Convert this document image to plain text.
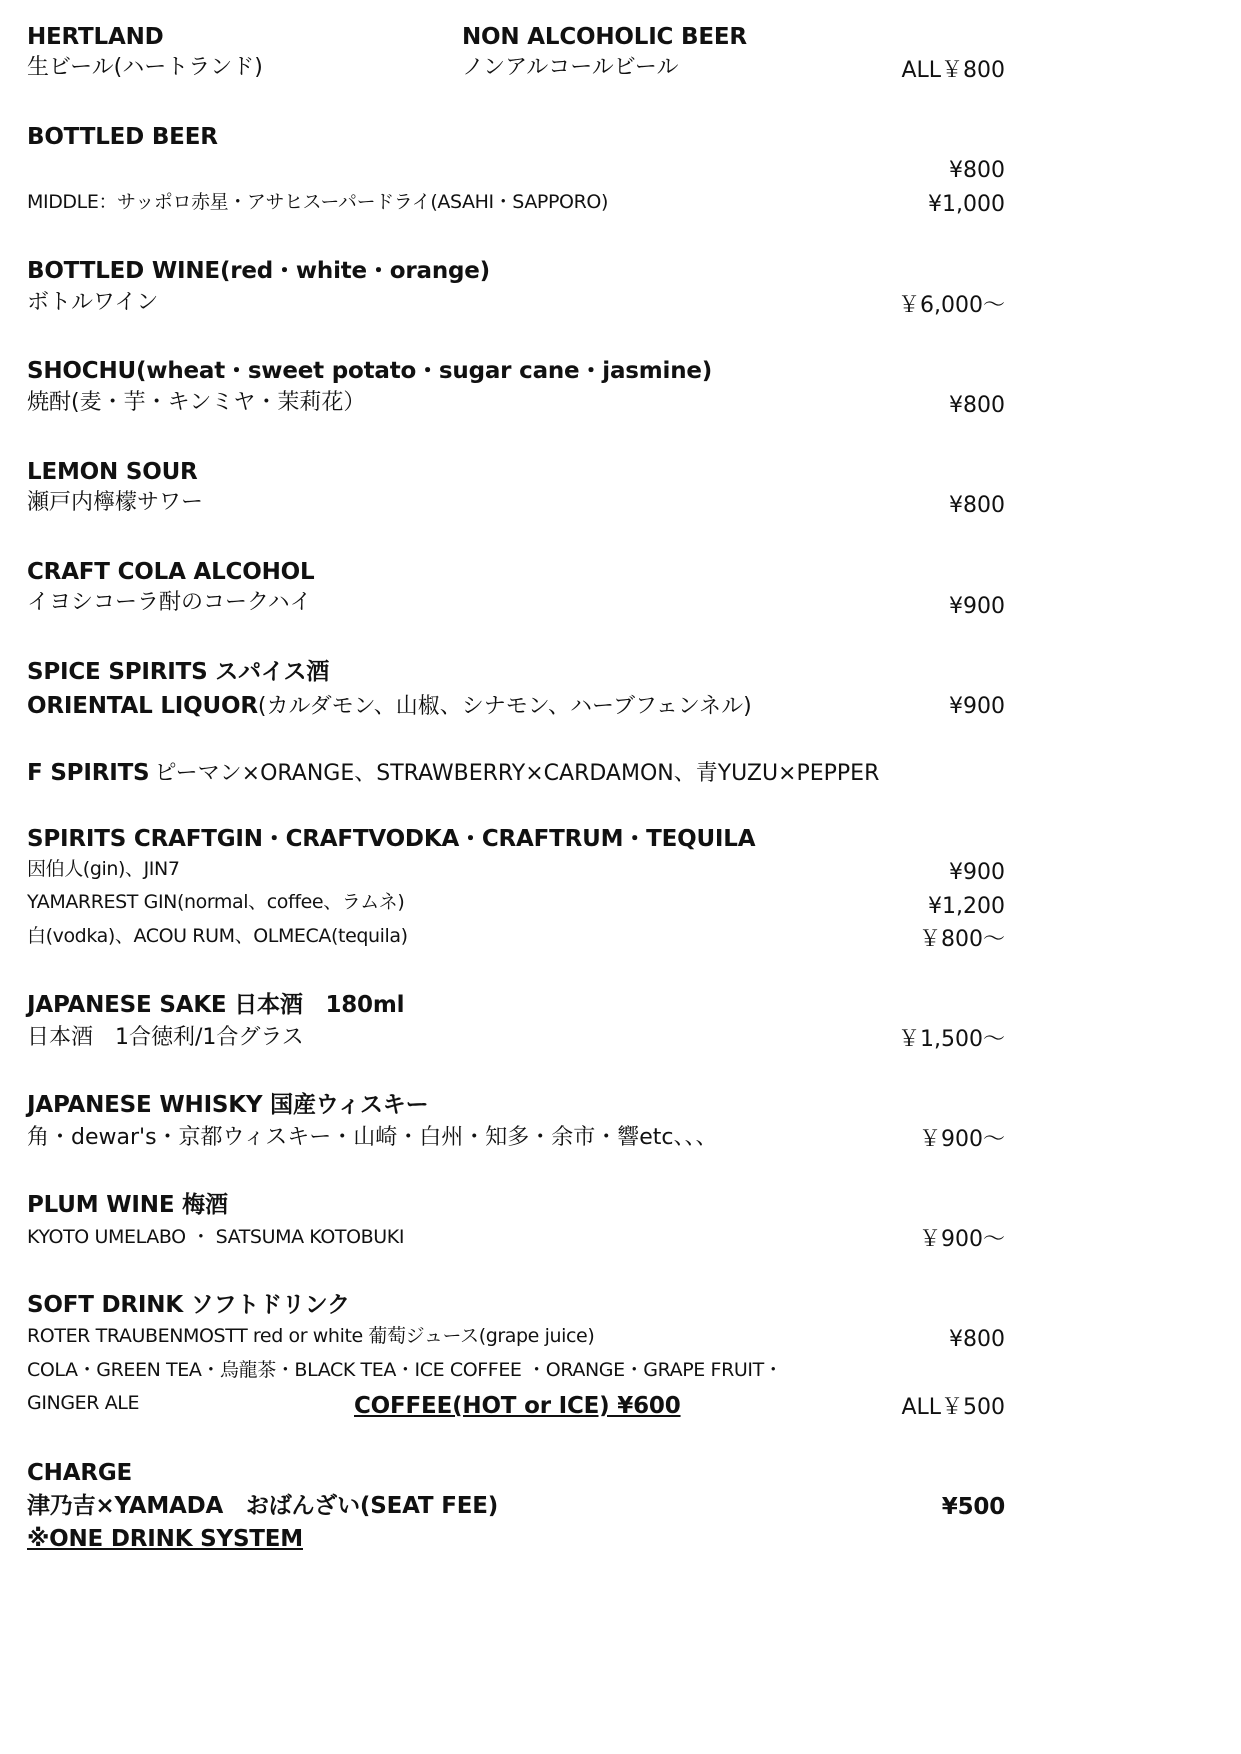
HERTLAND
生ビール(ハートランド)
NON ALCOHOLIC BEER
ノンアルコールビール	ALL￥800
BOTTLED BEER
¥800
MIDDLE：サッポロ赤星・アサヒスーパードライ(ASAHI・SAPPORO)	¥1,000
BOTTLED WINE(red・white・orange)
ボトルワイン	￥6,000～
SHOCHU(wheat・sweet potato・sugar cane・jasmine)
焼酎(麦・芋・キンミヤ・茉莉花）	¥800
LEMON SOUR
瀬戸内檸檬サワー	¥800
CRAFT COLA ALCOHOL
イヨシコーラ酎のコークハイ	¥900
SPICE SPIRITS スパイス酒
ORIENTAL LIQUOR(カルダモン、山椒、シナモン、ハーブフェンネル)	¥900
F SPIRITS ピーマン×ORANGE、STRAWBERRY×CARDAMON、青YUZU×PEPPER
SPIRITS CRAFTGIN・CRAFTVODKA・CRAFTRUM・TEQUILA
因伯人(gin)、JIN7	¥900
YAMARREST GIN(normal、coffee、ラムネ)	¥1,200
白(vodka)、ACOU RUM、OLMECA(tequila)	￥800～
JAPANESE SAKE 日本酒　180ml
日本酒　1合徳利/1合グラス	￥1,500～
JAPANESE WHISKY 国産ウィスキー
角・dewar's・京都ウィスキー・山崎・白州・知多・余市・響etc、、、	￥900～
PLUM WINE 梅酒
KYOTO UMELABO ・ SATSUMA KOTOBUKI	￥900～
SOFT DRINK ソフトドリンク
ROTER TRAUBENMOSTT red or white 葡萄ジュース(grape juice)	¥800
COLA・GREEN TEA・烏龍茶・BLACK TEA・ICE COFFEE ・ORANGE・GRAPE FRUIT・
GINGER ALE	COFFEE(HOT or ICE) ¥600	ALL￥500
CHARGE
津乃吉×YAMADA　おばんざい(SEAT FEE)	¥500
※ONE DRINK SYSTEM
